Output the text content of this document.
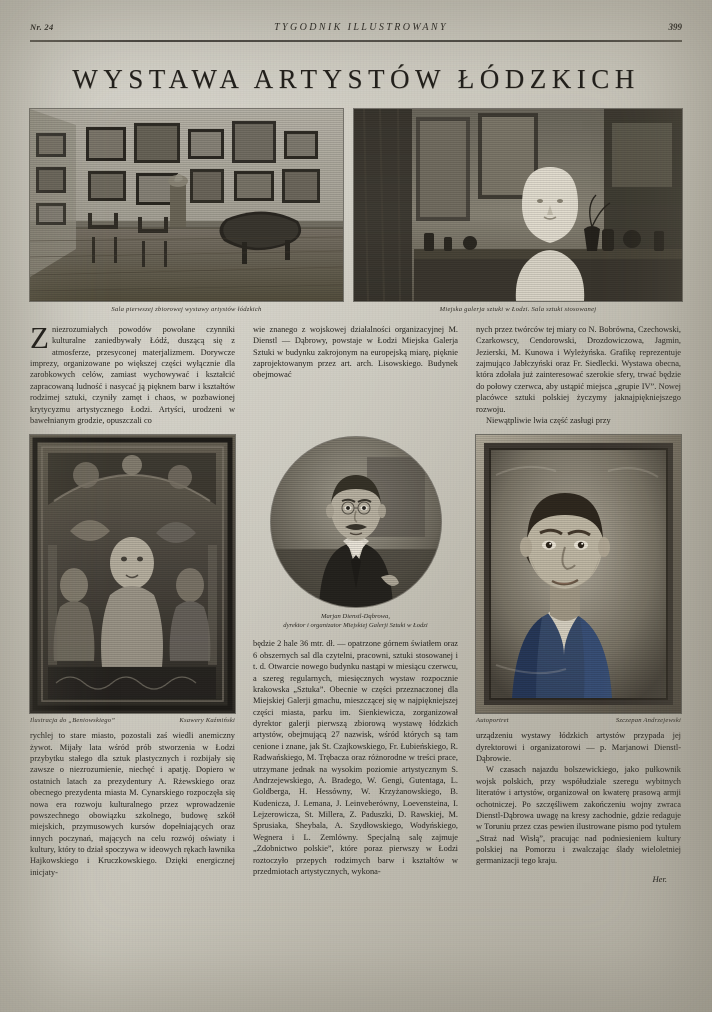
Nr. 24	TYGODNIK ILLUSTROWANY	399
WYSTAWA ARTYSTÓW ŁÓDZKICH
Sala pierwszej zbiorowej wystawy artystów łódzkich	Miejska galerja sztuki w Łodzi. Sala sztuki stosowanej

Zniezrozumiałych powodów powołane czynniki kulturalne zaniedbywały Łódź, duszącą się z atmosferze, przesyconej materjalizmem. Dorywcze imprezy, organizowane po większej części wyłącznie dla zarobkowych celów, zamiast wychowywać i kształcić zapracowaną ludność i nasycać ją pięknem barw i kształtów rodzimej sztuki, czyniły zamęt i chaos, w pozbawionej krytycyzmu artystycznego Łodzi. Artyści, urodzeni w bawełnianym grodzie, opuszczali co

wie znanego z wojskowej działalności organizacyjnej M. Dienstl — Dąbrowy, powstaje w Łodzi Miejska Galerja Sztuki w budynku zakrojonym na europejską miarę, pięknie zaprojektowanym przez art. arch. Lisowskiego. Budynek obejmować

nych przez twórców tej miary co N. Bobrówna, Czechowski, Czarkowscy, Cendorowski, Drozdowiczowa, Jagmin, Jezierski, M. Kunowa i Wyleżyńska. Grafikę reprezentuje zajmująco Jabłczyński oraz Fr. Siedlecki. Wystawa obecna, która zdołała już zainteresować szerokie sfery, trwać będzie do połowy czerwca, aby ustąpić miejsca „grupie IV”. Nowej placówce sztuki polskiej życzymy jaknajpiękniejszego rozwoju.

Niewątpliwie lwia część zasługi przy

Ilustracja do „Beniowskiego”	Ksawery Kaźmiński

rychlej to stare miasto, pozostali zaś wiedli anemiczny żywot. Mijały lata wśród prób stworzenia w Łodzi przybytku stałego dla sztuk plastycznych i rozbijały się zawsze o niezrozumienie, niechęć i apatję. Dopiero w ostatnich latach za prezydentury A. Rżewskiego oraz obecnego prezydenta miasta M. Cynarskiego rozpoczęła się nowa era rozwoju kulturalnego przez wprowadzenie powszechnego obowiązku szkolnego, budowę szkół miejskich, przymusowych kursów dopełniających oraz innych poczynań, mających na celu rozwój oświaty i kultury, który to dział spoczywa w ideowych rękach ławnika Hajkowskiego i Kruczkowskiego. Dzięki energicznej inicjaty-

Marjan Dienstl-Dąbrowa,
dyrektor i organizator Miejskiej Galerji Sztuki w Łodzi

będzie 2 hale 36 mtr. dł. — opatrzone górnem światłem oraz 6 obszernych sal dla czytelni, pracowni, sztuki stosowanej i t. d. Otwarcie nowego budynku nastąpi w miesiącu czerwcu, a szereg regularnych, miesięcznych wystaw rozpocznie krakowska „Sztuka”. Obecnie w części przeznaczonej dla Miejskiej Galerji gmachu, mieszczącej się w najpiękniejszej części miasta, parku im. Sienkiewicza, zorganizował dyrektor galerji pierwszą zbiorową wystawę łódzkich artystów, obejmującą 27 nazwisk, wśród których są tam cenione i znane, jak St. Czajkowskiego, Fr. Łubieńskiego, R. Radwańskiego, M. Trębacza oraz różnorodne w treści prace, utrzymane jednak na wysokim poziomie artystycznym S. Andrzejewskiego, A. Bradego, W. Gengi, Gutentaga, L. Goldberga, H. Hessówny, W. Krzyżanowskiego, B. Kudenicza, J. Lemana, J. Leinveberówny, Loevensteina, I. Lejzerowicza, St. Millera, Z. Paduszki, D. Rawskiej, M. Sprusiaka, Sheybala, A. Szydłowskiego, Wodyńskiego, Wegnera i L. Zemlówny. Specjalną salę zajmuje „Zdobnictwo polskie”, które poraz pierwszy w Łodzi roztoczyło przepych rodzimych barw i kształtów w przedmiotach artystycznych, wykona-

Autoportret	Szczepan Andrzejewski

urządzeniu wystawy łódzkich artystów przypada jej dyrektorowi i organizatorowi — p. Marjanowi Dienstl-Dąbrowie.

W czasach najazdu bolszewickiego, jako pułkownik wojsk polskich, przy współudziale szeregu wybitnych literatów i artystów, organizował on kwaterę prasową armji ochotniczej. Po szczęśliwem zakończeniu wojny zwraca Dienstl-Dąbrowa uwagę na kresy zachodnie, gdzie redaguje w Toruniu przez czas pewien ilustrowane pismo pod tytułem „Straż nad Wisłą”, pracując nad podniesieniem kultury polskiej na Pomorzu i zwalczając ślady wieloletniej germanizacji tego kraju.

Her.
